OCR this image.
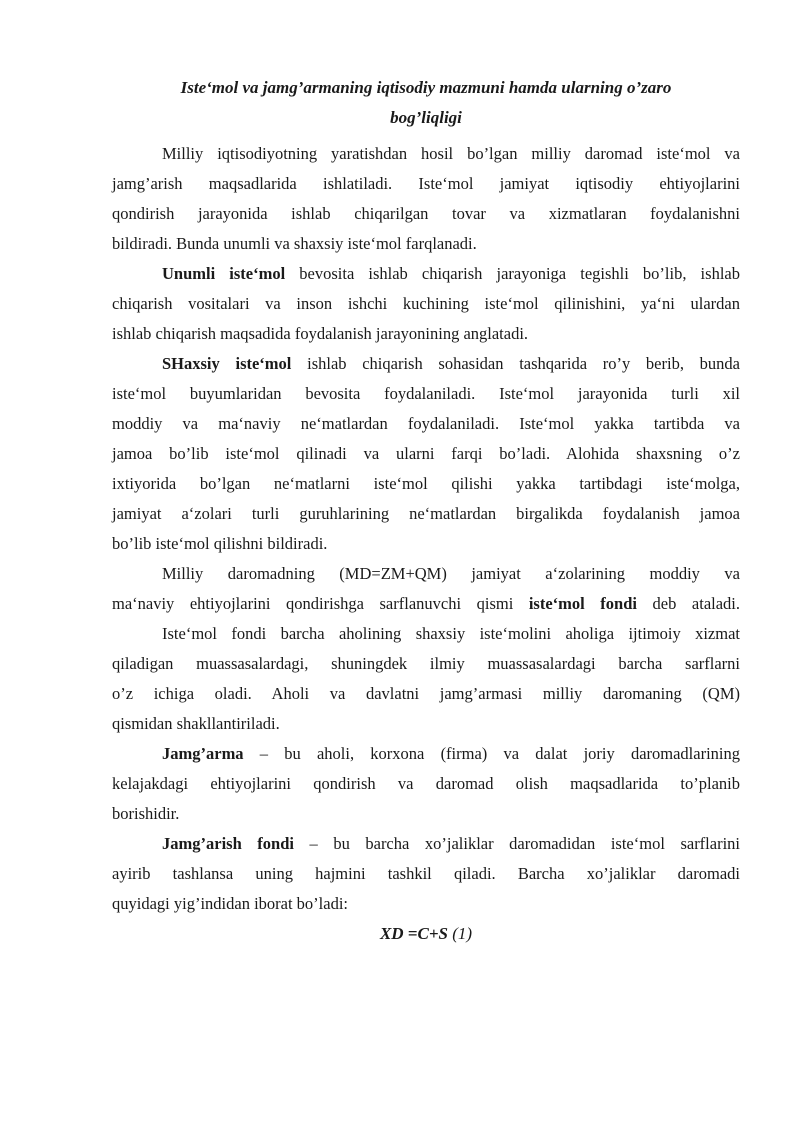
Iste‘mol va jamg’armaning iqtisodiy mazmuni hamda ularning o’zaro
bog’liqligi
Milliy iqtisodiyotning yaratishdan hosil bo’lgan milliy daromad iste‘mol va
jamg’arish maqsadlarida ishlatiladi. Iste‘mol jamiyat iqtisodiy ehtiyojlarini
qondirish jarayonida ishlab chiqarilgan tovar va xizmatlaran foydalanishni
bildiradi. Bunda unumli va shaxsiy iste‘mol farqlanadi.
Unumli iste‘mol bevosita ishlab chiqarish jarayoniga tegishli bo’lib, ishlab
chiqarish vositalari va inson ishchi kuchining iste‘mol qilinishini, ya‘ni ulardan
ishlab chiqarish maqsadida foydalanish jarayonining anglatadi.
SHaxsiy iste‘mol ishlab chiqarish sohasidan tashqarida ro’y berib, bunda
iste‘mol buyumlaridan bevosita foydalaniladi. Iste‘mol jarayonida turli xil
moddiy va ma‘naviy ne‘matlardan foydalaniladi. Iste‘mol yakka tartibda va
jamoa bo’lib iste‘mol qilinadi va ularni farqi bo’ladi. Alohida shaxsning o’z
ixtiyorida bo’lgan ne‘matlarni iste‘mol qilishi yakka tartibdagi iste‘molga,
jamiyat a‘zolari turli guruhlarining ne‘matlardan birgalikda foydalanish jamoa
bo’lib iste‘mol qilishni bildiradi.
Milliy daromadning (MD=ZM+QM) jamiyat a‘zolarining moddiy va
ma‘naviy ehtiyojlarini qondirishga sarflanuvchi qismi iste‘mol fondi deb ataladi.
Iste‘mol fondi barcha aholining shaxsiy iste‘molini aholiga ijtimoiy xizmat
qiladigan muassasalardagi, shuningdek ilmiy muassasalardagi barcha sarflarni
o’z ichiga oladi. Aholi va davlatni jamg’armasi milliy daromaning (QM)
qismidan shakllantiriladi.
Jamg’arma – bu aholi, korxona (firma) va dalat joriy daromadlarining
kelajakdagi ehtiyojlarini qondirish va daromad olish maqsadlarida to’planib
borishidir.
Jamg’arish fondi – bu barcha xo’jaliklar daromadidan iste‘mol sarflarini
ayirib tashlansa uning hajmini tashkil qiladi. Barcha xo’jaliklar daromadi
quyidagi yig’indidan iborat bo’ladi:
XD =C+S (1)
